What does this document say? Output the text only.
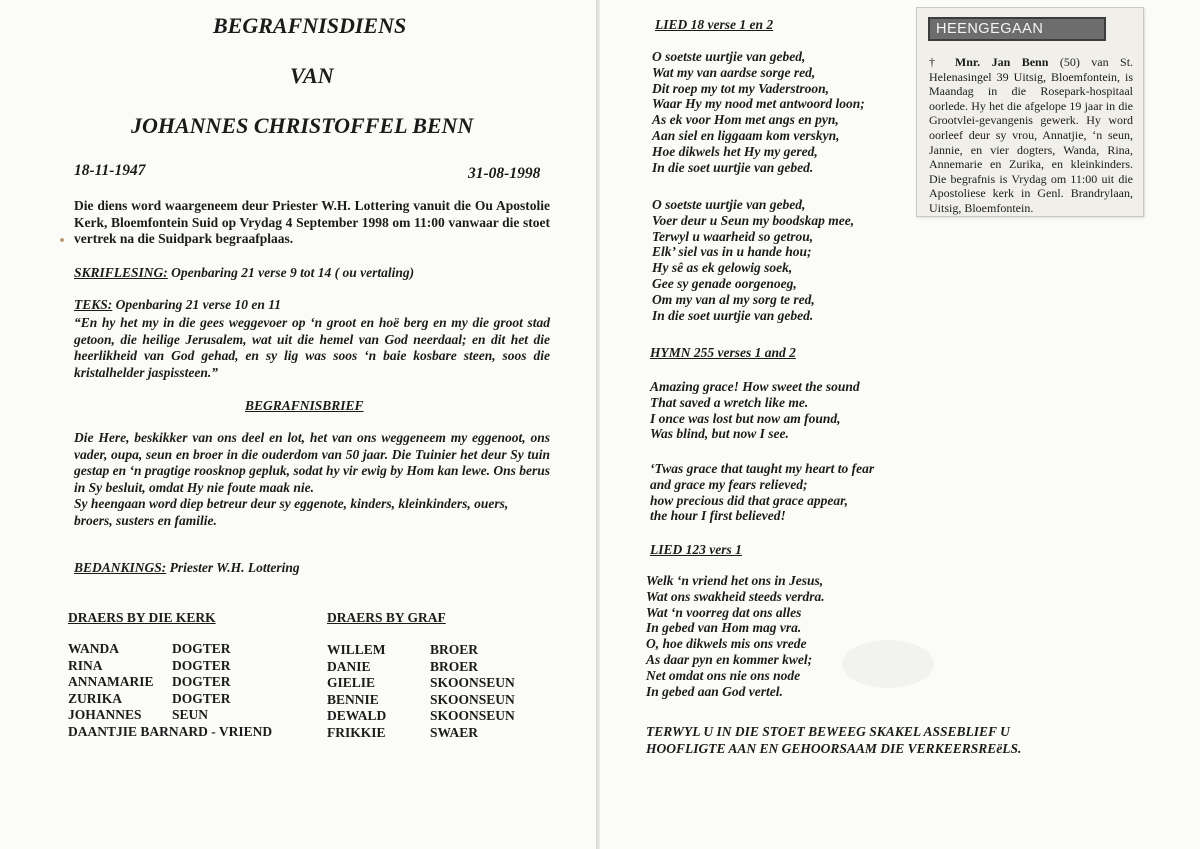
BEGRAFNISDIENS
VAN
JOHANNES CHRISTOFFEL BENN
18-11-1947	31-08-1998
Die diens word waargeneem deur Priester W.H. Lottering vanuit die Ou Apostolie Kerk, Bloemfontein Suid op Vrydag 4 September 1998 om 11:00 vanwaar die stoet vertrek na die Suidpark begraafplaas.
SKRIFLESING: Openbaring 21 verse 9 tot 14 ( ou vertaling)
TEKS: Openbaring 21 verse 10 en 11
“En hy het my in die gees weggevoer op ‘n groot en hoë berg en my die groot stad getoon, die heilige Jerusalem, wat uit die hemel van God neerdaal; en dit het die heerlikheid van God gehad, en sy lig was soos ‘n baie kosbare steen, soos die kristalhelder jaspissteen.”
BEGRAFNISBRIEF
Die Here, beskikker van ons deel en lot, het van ons weggeneem my eggenoot, ons vader, oupa, seun en broer in die ouderdom van 50 jaar. Die Tuinier het deur Sy tuin gestap en ‘n pragtige roosknop gepluk, sodat hy vir ewig by Hom kan lewe. Ons berus in Sy besluit, omdat Hy nie foute maak nie.
Sy heengaan word diep betreur deur sy eggenote, kinders, kleinkinders, ouers, broers, susters en familie.
BEDANKINGS: Priester W.H. Lottering
DRAERS BY DIE KERK
WANDA	DOGTER
RINA	DOGTER
ANNAMARIE	DOGTER
ZURIKA	DOGTER
JOHANNES	SEUN
DAANTJIE BARNARD - VRIEND	
DRAERS BY GRAF
WILLEM	BROER
DANIE	BROER
GIELIE	SKOONSEUN
BENNIE	SKOONSEUN
DEWALD	SKOONSEUN
FRIKKIE	SWAER
LIED 18 verse 1 en 2
O soetste uurtjie van gebed,
Wat my van aardse sorge red,
Dit roep my tot my Vaderstroon,
Waar Hy my nood met antwoord loon;
As ek voor Hom met angs en pyn,
Aan siel en liggaam kom verskyn,
Hoe dikwels het Hy my gered,
In die soet uurtjie van gebed.
O soetste uurtjie van gebed,
Voer deur u Seun my boodskap mee,
Terwyl u waarheid so getrou,
Elk’ siel vas in u hande hou;
Hy sê as ek gelowig soek,
Gee sy genade oorgenoeg,
Om my van al my sorg te red,
In die soet uurtjie van gebed.
HYMN 255 verses 1 and 2
Amazing grace! How sweet the sound
That saved a wretch like me.
I once was lost but now am found,
Was blind, but now I see.
‘Twas grace that taught my heart to fear
and grace my fears relieved;
how precious did that grace appear,
the hour I first believed!
LIED 123 vers 1
Welk ‘n vriend het ons in Jesus,
Wat ons swakheid steeds verdra.
Wat ‘n voorreg dat ons alles
In gebed van Hom mag vra.
O, hoe dikwels mis ons vrede
As daar pyn en kommer kwel;
Net omdat ons nie ons node
In gebed aan God vertel.
TERWYL U IN DIE STOET BEWEEG SKAKEL ASSEBLIEF U
HOOFLIGTE AAN EN GEHOORSAAM DIE VERKEERSREëLS.
HEENGEGAAN
† Mnr. Jan Benn (50) van St. Helenasingel 39 Uitsig, Bloemfontein, is Maandag in die Rosepark-hospitaal oorlede. Hy het die afgelope 19 jaar in die Grootvlei-gevangenis gewerk. Hy word oorleef deur sy vrou, Annatjie, ‘n seun, Jannie, en vier dogters, Wanda, Rina, Annemarie en Zurika, en kleinkinders. Die begrafnis is Vrydag om 11:00 uit die Apostoliese kerk in Genl. Brandrylaan, Uitsig, Bloemfontein.
